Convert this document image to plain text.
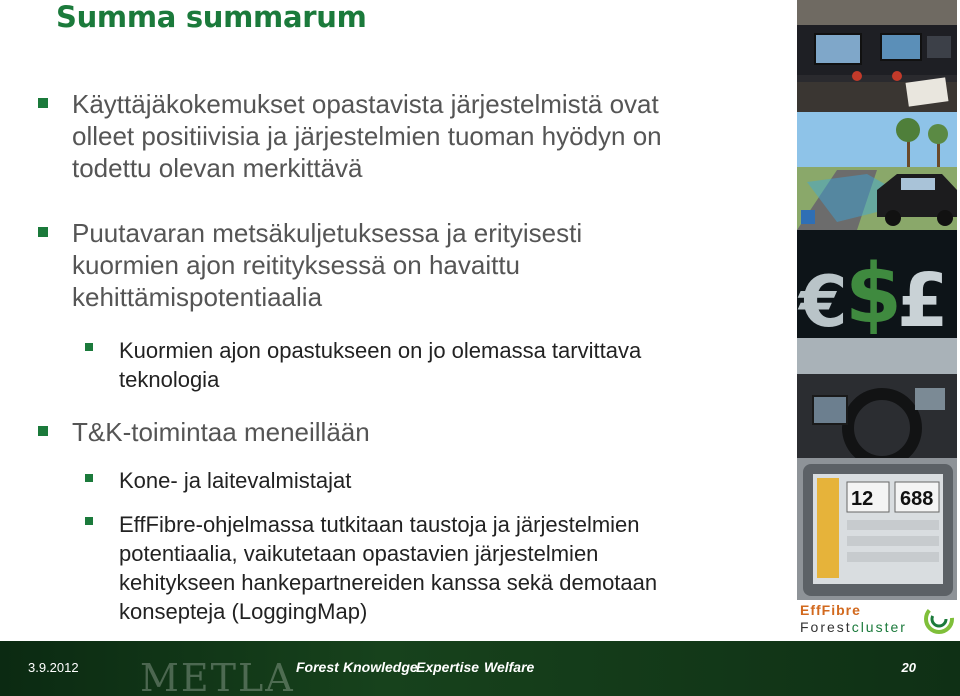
Summa summarum
Käyttäjäkokemukset opastavista järjestelmistä ovat
olleet positiivisia ja järjestelmien tuoman hyödyn on
todettu olevan merkittävä
Puutavaran metsäkuljetuksessa ja erityisesti
kuormien ajon reitityksessä on havaittu
kehittämispotentiaalia
Kuormien ajon opastukseen on jo olemassa tarvittava
teknologia
T&K-toimintaa meneillään
Kone- ja laitevalmistajat
EffFibre-ohjelmassa tutkitaan taustoja ja järjestelmien
potentiaalia, vaikutetaan opastavien järjestelmien
kehitykseen hankepartnereiden kanssa sekä demotaan
konsepteja (LoggingMap)
€
$
£
12 688
EffFibre
Forestcluster
3.9.2012 METLA Forest Knowledge
Expertise Welfare	20
